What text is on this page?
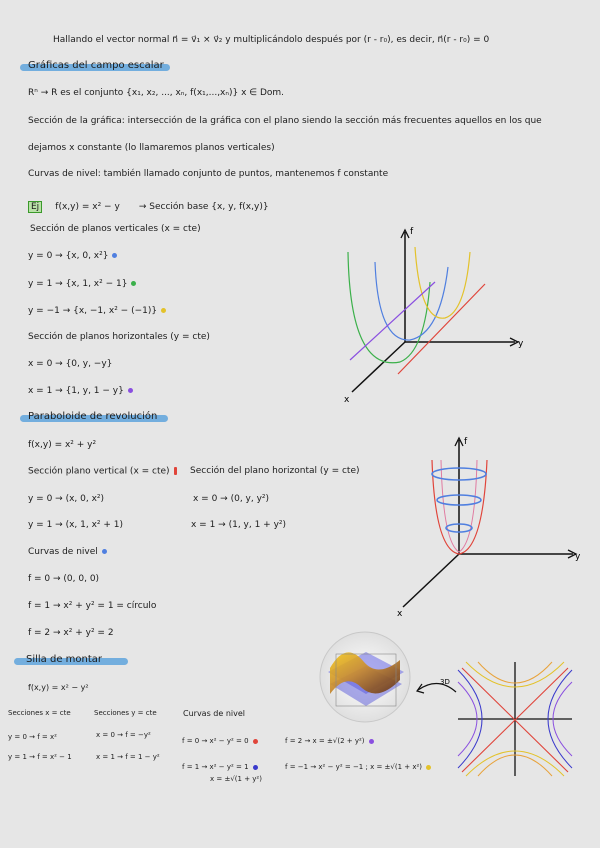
Hallando el vector normal n⃗ = v⃗₁ × v⃗₂ y multiplicándolo después por (r - r₀), es decir, n⃗(r - r₀) = 0
Gráficas del campo escalar
Rⁿ → R es el conjunto {x₁, x₂, ..., xₙ, f(x₁,...,xₙ)} x ∈ Dom.
Sección de la gráfica: intersección de la gráfica con el plano siendo la sección más frecuentes aquellos en los que
dejamos x constante (lo llamaremos planos verticales)
Curvas de nivel: también llamado conjunto de puntos, mantenemos f constante
Ej f(x,y) = x² − y → Sección base {x, y, f(x,y)}
Sección de planos verticales (x = cte)
y = 0 → {x, 0, x²}
y = 1 → {x, 1, x² − 1}
y = −1 → {x, −1, x² − (−1)}
Sección de planos horizontales (y = cte)
x = 0 → {0, y, −y}
x = 1 → {1, y, 1 − y}
f
y
x
Paraboloide de revolución
f(x,y) = x² + y²
Sección plano vertical (x = cte)	Sección del plano horizontal (y = cte)
y = 0 → (x, 0, x²)	x = 0 → (0, y, y²)
y = 1 → (x, 1, x² + 1)	x = 1 → (1, y, 1 + y²)
Curvas de nivel
f = 0 → (0, 0, 0)
f = 1 → x² + y² = 1 = círculo
f = 2 → x² + y² = 2
f
y
x
Silla de montar
f(x,y) = x² − y²
Secciones x = cte
y = 0 → f = x²
y = 1 → f = x² − 1
Secciones y = cte
x = 0 → f = −y²
x = 1 → f = 1 − y²
Curvas de nivel
f = 0 → x² − y² = 0
f = 1 → x² − y² = 1
x = ±√(1 + y²)
f = 2 → x = ±√(2 + y²)
f = −1 → x² − y² = −1 ; x = ±√(1 + x²)
3D
